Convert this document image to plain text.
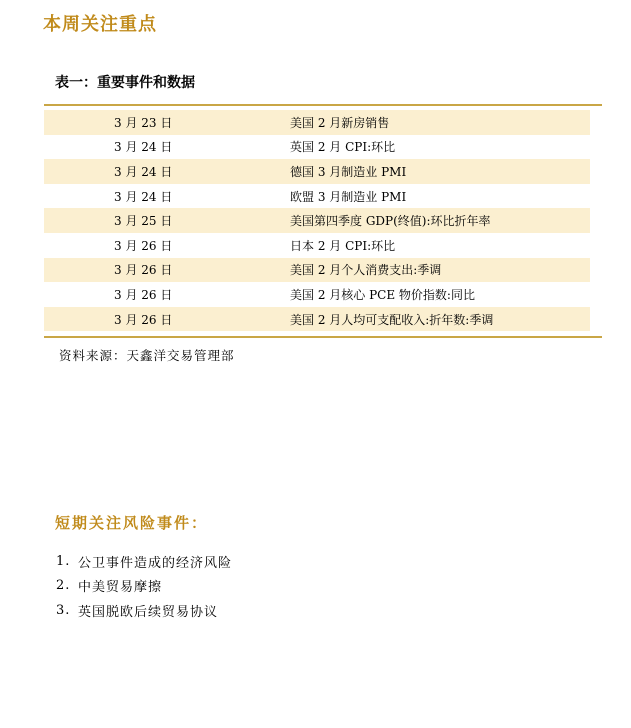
本周关注重点
表一：重要事件和数据
3 月 23 日	美国 2 月新房销售
3 月 24 日	英国 2 月 CPI:环比
3 月 24 日	德国 3 月制造业 PMI
3 月 24 日	欧盟 3 月制造业 PMI
3 月 25 日	美国第四季度 GDP(终值):环比折年率
3 月 26 日	日本 2 月 CPI:环比
3 月 26 日	美国 2 月个人消费支出:季调
3 月 26 日	美国 2 月核心 PCE 物价指数:同比
3 月 26 日	美国 2 月人均可支配收入:折年数:季调
资料来源：天鑫洋交易管理部
短期关注风险事件：
1. 公卫事件造成的经济风险
2. 中美贸易摩擦
3. 英国脱欧后续贸易协议
